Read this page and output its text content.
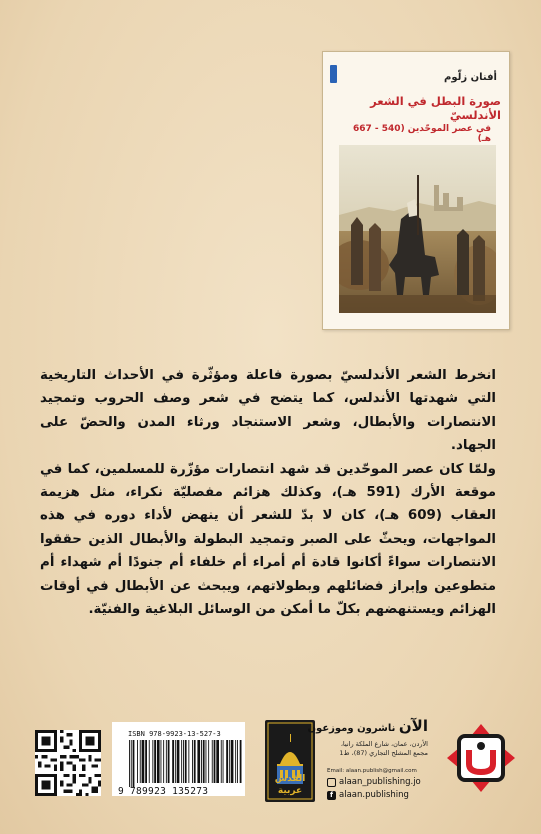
أفنان زلّوم
صورة البطل في الشعر الأندلسيّ
في عصر الموحّدين (540 - 667 هـ)

انخرط الشعر الأندلسيّ بصورة فاعلة ومؤثّرة في الأحداث التاريخية التي شهدتها الأندلس، كما يتضح في شعر وصف الحروب وتمجيد الانتصارات والأبطال، وشعر الاستنجاد ورثاء المدن والحضّ على الجهاد.

ولمّا كان عصر الموحّدين قد شهد انتصارات مؤزّرة للمسلمين، كما في موقعة الأرك (591 هـ)، وكذلك هزائم مفصليّة نكراء، مثل هزيمة العقاب (609 هـ)، كان لا بدّ للشعر أن ينهض لأداء دوره في هذه المواجهات، ويحثّ على الصبر وتمجيد البطولة والأبطال الذين حققوا الانتصارات سواءً أكانوا قادة أم أمراء أم خلفاء أم جنودًا أم شهداء أم متطوعين وإبراز فضائلهم وبطولاتهم، ويبحث عن الأبطال في أوقات الهزائم ويستنهضهم بكلّ ما أمكن من الوسائل البلاغية والفنيّة.

ISBN 978-9923-13-527-3
9 789923 135273
القدس
عربية
الآن ناشرون وموزعون
الأردن، عمان، شارع الملكة رانيا،
مجمع المشلح التجاري (87)، ط1
Email: alaan.publish@gmail.com
alaan_publishing.jo
f alaan.publishing
